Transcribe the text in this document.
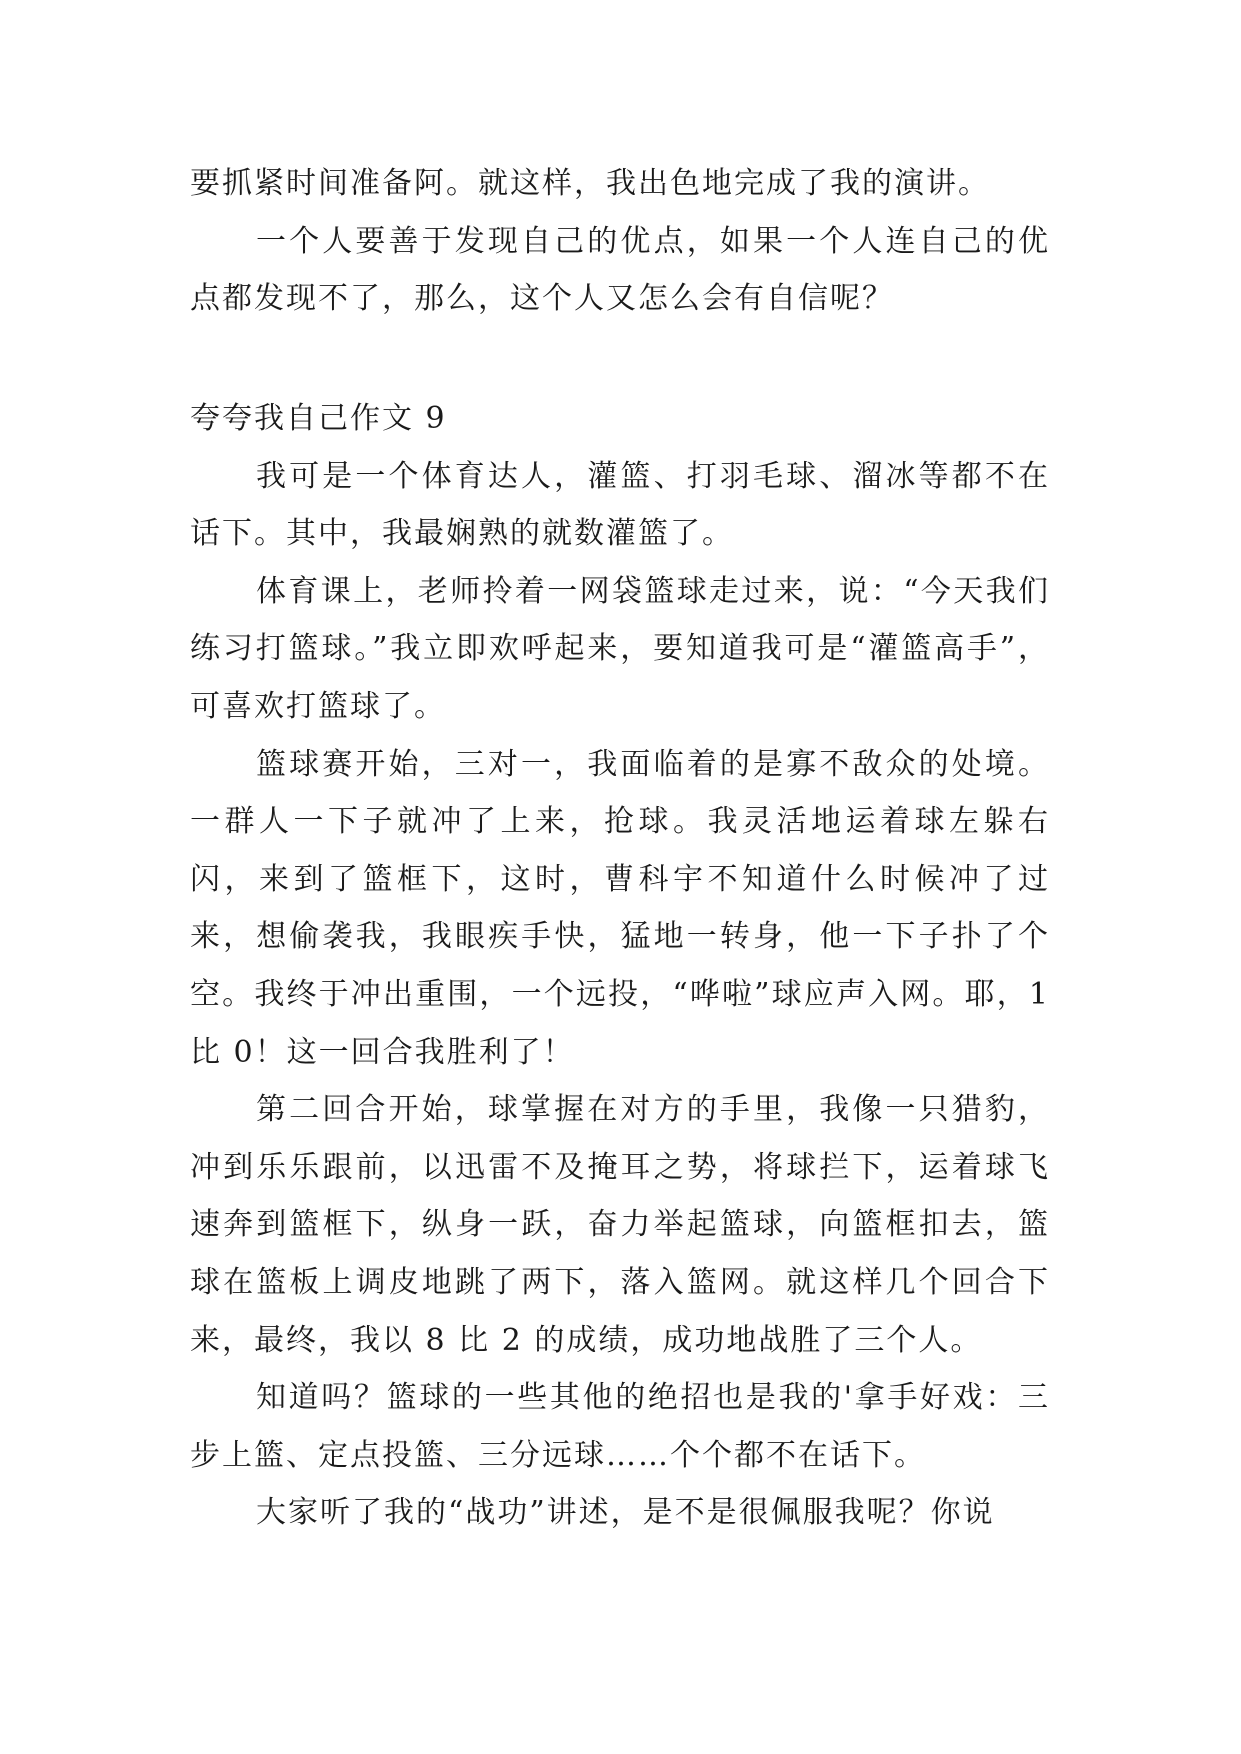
要抓紧时间准备阿。就这样，我出色地完成了我的演讲。

一个人要善于发现自己的优点，如果一个人连自己的优点都发现不了，那么，这个人又怎么会有自信呢？

夸夸我自己作文 9

我可是一个体育达人，灌篮、打羽毛球、溜冰等都不在话下。其中，我最娴熟的就数灌篮了。

体育课上，老师拎着一网袋篮球走过来，说：“今天我们练习打篮球。”我立即欢呼起来，要知道我可是“灌篮高手”，可喜欢打篮球了。

篮球赛开始，三对一，我面临着的是寡不敌众的处境。一群人一下子就冲了上来，抢球。我灵活地运着球左躲右闪，来到了篮框下，这时，曹科宇不知道什么时候冲了过来，想偷袭我，我眼疾手快，猛地一转身，他一下子扑了个空。我终于冲出重围，一个远投，“哗啦”球应声入网。耶，1 比 0！这一回合我胜利了！

第二回合开始，球掌握在对方的手里，我像一只猎豹，冲到乐乐跟前，以迅雷不及掩耳之势，将球拦下，运着球飞速奔到篮框下，纵身一跃，奋力举起篮球，向篮框扣去，篮球在篮板上调皮地跳了两下，落入篮网。就这样几个回合下来，最终，我以 8 比 2 的成绩，成功地战胜了三个人。

知道吗？篮球的一些其他的绝招也是我的'拿手好戏：三步上篮、定点投篮、三分远球……个个都不在话下。

大家听了我的“战功”讲述，是不是很佩服我呢？你说
